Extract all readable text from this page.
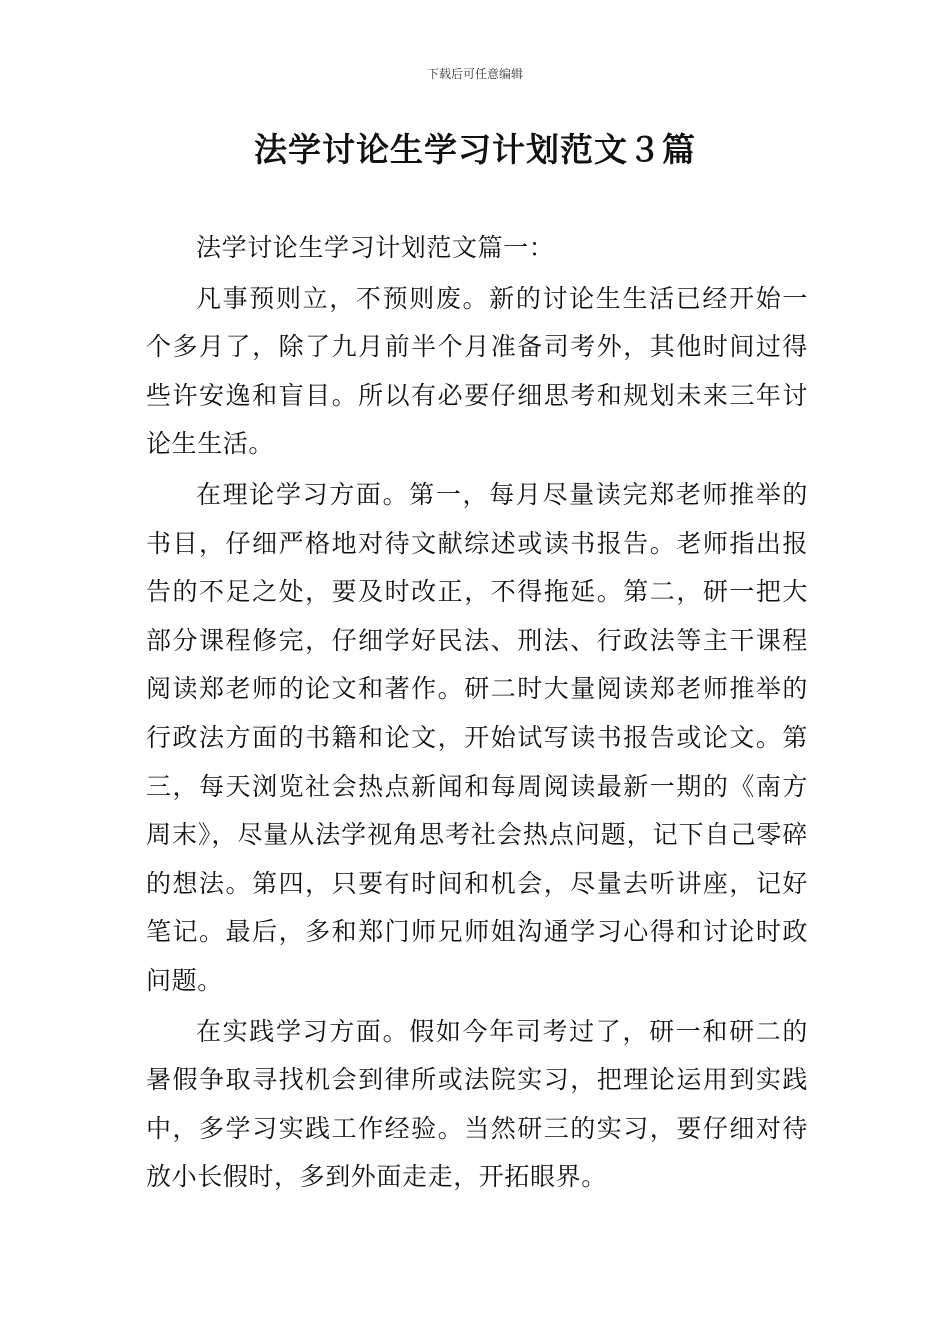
下载后可任意编辑
法学讨论生学习计划范文３篇

法学讨论生学习计划范文篇一：

凡事预则立，不预则废。新的讨论生生活已经开始一个多月了，除了九月前半个月准备司考外，其他时间过得些许安逸和盲目。所以有必要仔细思考和规划未来三年讨论生生活。

在理论学习方面。第一，每月尽量读完郑老师推举的书目，仔细严格地对待文献综述或读书报告。老师指出报告的不足之处，要及时改正，不得拖延。第二，研一把大部分课程修完，仔细学好民法、刑法、行政法等主干课程阅读郑老师的论文和著作。研二时大量阅读郑老师推举的行政法方面的书籍和论文，开始试写读书报告或论文。第三，每天浏览社会热点新闻和每周阅读最新一期的《南方周末》，尽量从法学视角思考社会热点问题，记下自己零碎的想法。第四，只要有时间和机会，尽量去听讲座，记好笔记。最后，多和郑门师兄师姐沟通学习心得和讨论时政问题。

在实践学习方面。假如今年司考过了，研一和研二的暑假争取寻找机会到律所或法院实习，把理论运用到实践中，多学习实践工作经验。当然研三的实习，要仔细对待放小长假时，多到外面走走，开拓眼界。
